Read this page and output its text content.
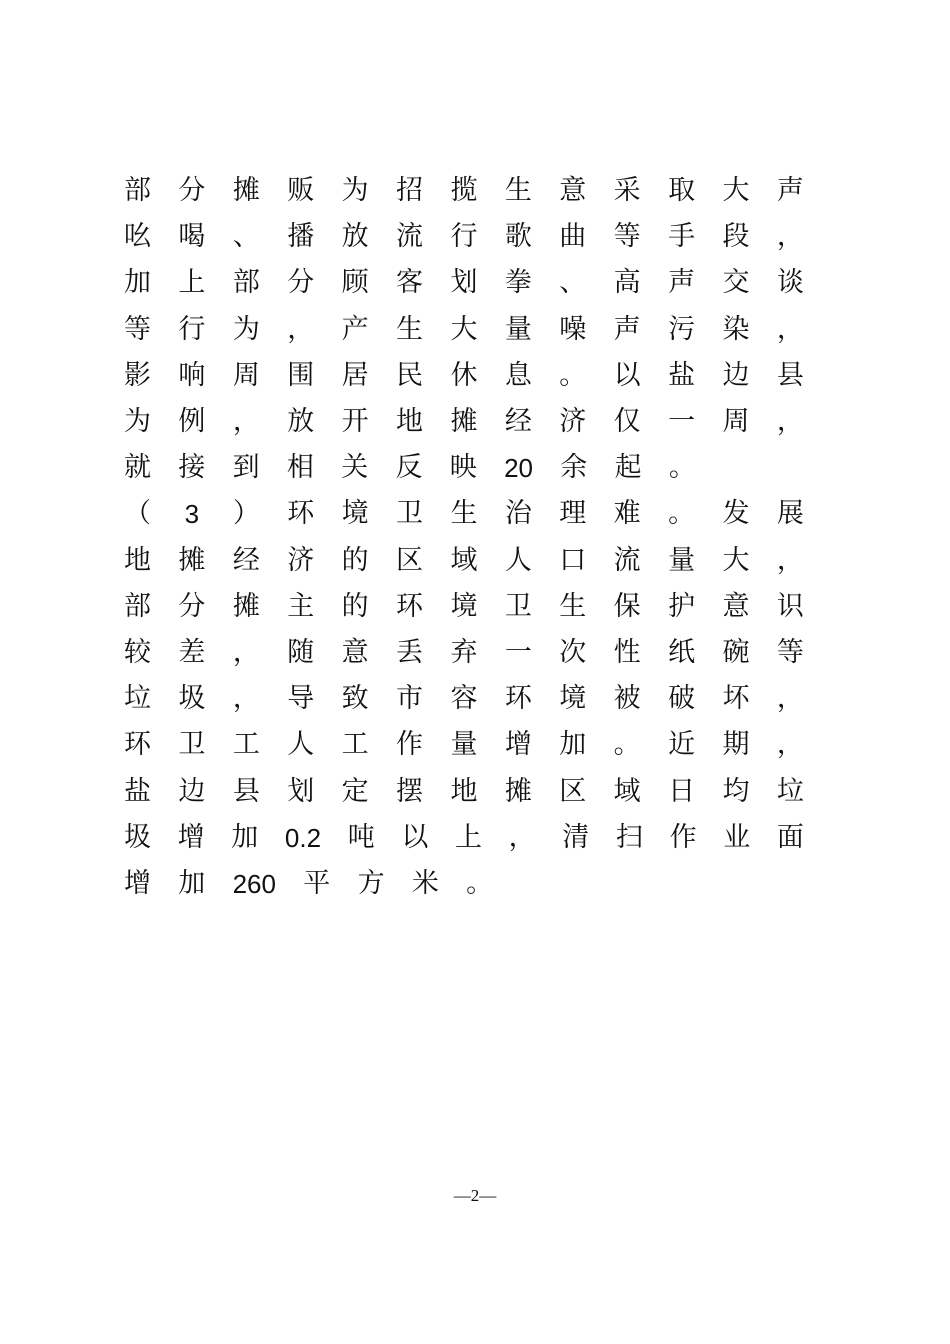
部 分 摊 贩 为 招 揽 生 意 采 取 大 声
吆 喝 、 播 放 流 行 歌 曲 等 手 段 ，
加 上 部 分 顾 客 划 拳 、 高 声 交 谈
等 行 为 ， 产 生 大 量 噪 声 污 染 ，
影 响 周 围 居 民 休 息 。 以 盐 边 县
为 例 ， 放 开 地 摊 经 济 仅 一 周 ，
就 接 到 相 关 反 映 20 余 起 。
（ 3 ） 环 境 卫 生 治 理 难 。 发 展
地 摊 经 济 的 区 域 人 口 流 量 大 ，
部 分 摊 主 的 环 境 卫 生 保 护 意 识
较 差 ， 随 意 丢 弃 一 次 性 纸 碗 等
垃 圾 ， 导 致 市 容 环 境 被 破 坏 ，
环 卫 工 人 工 作 量 增 加 。 近 期 ，
盐 边 县 划 定 摆 地 摊 区 域 日 均 垃
圾 增 加 0.2 吨 以 上 ， 清 扫 作 业 面
增 加 260 平 方 米 。
—2—
